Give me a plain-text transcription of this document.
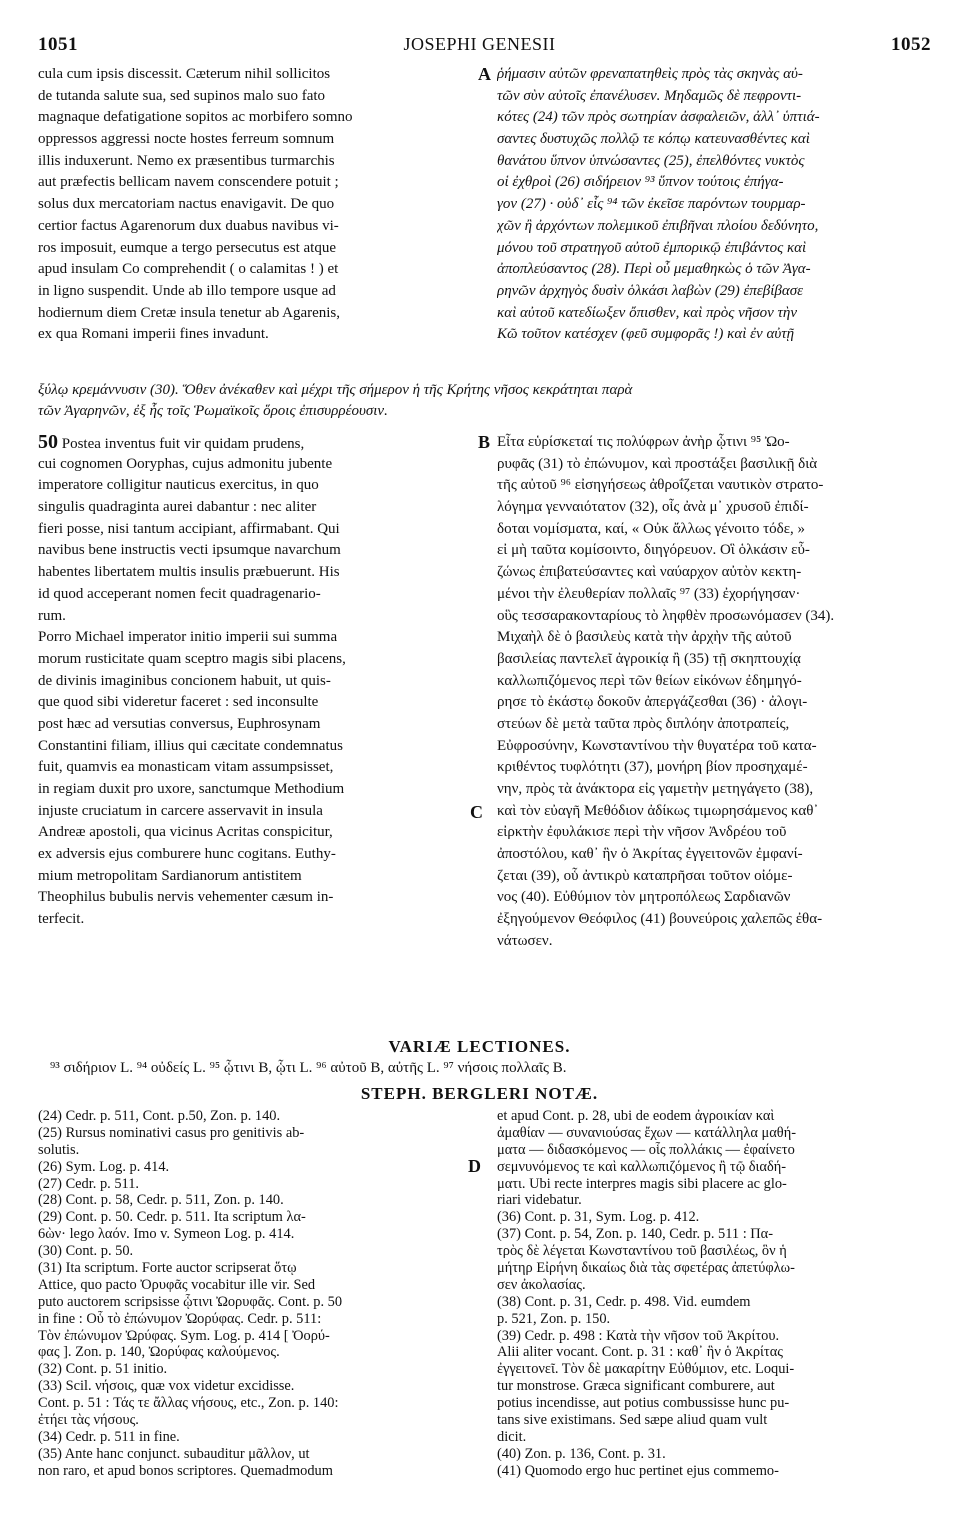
JOSEPHI GENESII
1051	1052
cula cum ipsis discessit. Cæterum nihil sollicitos
de tutanda salute sua, sed supinos malo suo fato
magnaque defatigatione sopitos ac morbifero somno
oppressos aggressi nocte hostes ferreum somnum
illis induxerunt. Nemo ex præsentibus turmarchis
aut præfectis bellicam navem conscendere potuit ;
solus dux mercatoriam nactus enavigavit. De quo
certior factus Agarenorum dux duabus navibus vi-
ros imposuit, eumque a tergo persecutus est atque
apud insulam Co comprehendit ( o calamitas ! ) et
in ligno suspendit. Unde ab illo tempore usque ad
hodiernum diem Cretæ insula tenetur ab Agarenis,
ex qua Romani imperii fines invadunt.
ῥήμασιν αὐτῶν φρεναπατηθεὶς πρὸς τὰς σκηνὰς αὐ-
τῶν σὺν αὐτοῖς ἐπανέλυσεν. Μηδαμῶς δὲ πεφροντι-
κότες (24) τῶν πρὸς σωτηρίαν ἀσφαλειῶν, ἀλλ᾽ ὑπτιά-
σαντες δυστυχῶς πολλῷ τε κόπῳ κατευνασθέντες καὶ
θανάτου ὕπνον ὑπνώσαντες (25), ἐπελθόντες νυκτὸς
οἱ ἐχθροὶ (26) σιδήρειον ⁹³ ὕπνον τούτοις ἐπήγα-
γον (27) · οὐδ᾽ εἷς ⁹⁴ τῶν ἐκεῖσε παρόντων τουρμαρ-
χῶν ἢ ἀρχόντων πολεμικοῦ ἐπιβῆναι πλοίου δεδύνητο,
μόνου τοῦ στρατηγοῦ αὐτοῦ ἐμπορικῷ ἐπιβάντος καὶ
ἀποπλεύσαντος (28). Περὶ οὗ μεμαθηκὼς ὁ τῶν Ἀγα-
ρηνῶν ἀρχηγὸς δυσὶν ὁλκάσι λαβὼν (29) ἐπεβίβασε
καὶ αὐτοῦ κατεδίωξεν ὄπισθεν, καὶ πρὸς νῆσον τὴν
Κῶ τοῦτον κατέσχεν (φεῦ συμφορᾶς !) καὶ ἐν αὐτῇ
A
ξύλῳ κρεμάννυσιν (30). Ὅθεν ἀνέκαθεν καὶ μέχρι τῆς σήμερον ἡ τῆς Κρήτης νῆσος κεκράτηται παρὰ
τῶν Ἀγαρηνῶν, ἐξ ἧς τοῖς Ῥωμαϊκοῖς ὅροις ἐπισυρρέουσιν.
50 Postea inventus fuit vir quidam prudens,
cui cognomen Ooryphas, cujus admonitu jubente
imperatore colligitur nauticus exercitus, in quo
singulis quadraginta aurei dabantur : nec aliter
fieri posse, nisi tantum accipiant, affirmabant. Qui
navibus bene instructis vecti ipsumque navarchum
habentes libertatem multis insulis præbuerunt. His
id quod acceperant nomen fecit quadragenario-
rum.
Porro Michael imperator initio imperii sui summa
morum rusticitate quam sceptro magis sibi placens,
de divinis imaginibus concionem habuit, ut quis-
que quod sibi videretur faceret : sed inconsulte
post hæc ad versutias conversus, Euphrosynam
Constantini filiam, illius qui cæcitate condemnatus
fuit, quamvis ea monasticam vitam assumpsisset,
in regiam duxit pro uxore, sanctumque Methodium
injuste cruciatum in carcere asservavit in insula
Andreæ apostoli, qua vicinus Acritas conspicitur,
ex adversis ejus comburere hunc cogitans. Euthy-
mium metropolitam Sardianorum antistitem
Theophilus bubulis nervis vehementer cæsum in-
terfecit.
B Εἶτα εὑρίσκεταί τις πολύφρων ἀνὴρ ᾧτινι ⁹⁵ Ὠο-
ρυφᾶς (31) τὸ ἐπώνυμον, καὶ προστάξει βασιλικῇ διὰ
τῆς αὐτοῦ ⁹⁶ εἰσηγήσεως ἀθροΐζεται ναυτικὸν στρατο-
λόγημα γενναιότατον (32), οἷς ἀνὰ μ᾽ χρυσοῦ ἐπιδί-
δοται νομίσματα, καί, « Οὐκ ἄλλως γένοιτο τόδε, »
εἰ μὴ ταῦτα κομίσοιντο, διηγόρευον. Οἳ ὁλκάσιν εὖ-
ζώνως ἐπιβατεύσαντες καὶ ναύαρχον αὐτὸν κεκτη-
μένοι τὴν ἐλευθερίαν πολλαῖς ⁹⁷ (33) ἐχορήγησαν·
οὓς τεσσαρακονταρίους τὸ ληφθὲν προσωνόμασεν (34).
Μιχαὴλ δὲ ὁ βασιλεὺς κατὰ τὴν ἀρχὴν τῆς αὐτοῦ
βασιλείας παντελεῖ ἀγροικίᾳ ἢ (35) τῇ σκηπτουχίᾳ
καλλωπιζόμενος περὶ τῶν θείων εἰκόνων ἐδημηγό-
ρησε τὸ ἑκάστῳ δοκοῦν ἀπεργάζεσθαι (36) · ἀλογι-
στεύων δὲ μετὰ ταῦτα πρὸς διπλόην ἀποτραπείς,
Εὐφροσύνην, Κωνσταντίνου τὴν θυγατέρα τοῦ κατα-
κριθέντος τυφλότητι (37), μονήρη βίον προσηχαμέ-
νην, πρὸς τὰ ἀνάκτορα εἰς γαμετὴν μετηγάγετο (38),
καὶ τὸν εὐαγῆ Μεθόδιον ἀδίκως τιμωρησάμενος καθ᾽
εἰρκτὴν ἐφυλάκισε περὶ τὴν νῆσον Ἀνδρέου τοῦ
ἀποστόλου, καθ᾽ ἣν ὁ Ἀκρίτας ἐγγειτονῶν ἐμφανί-
ζεται (39), οὗ ἀντικρὺ καταπρῆσαι τοῦτον οἰόμε-
νος (40). Εὐθύμιον τὸν μητροπόλεως Σαρδιανῶν
ἐξηγούμενον Θεόφιλος (41) βουνεύροις χαλεπῶς ἐθα-
νάτωσεν.
C
VARIÆ LECTIONES.
⁹³ σιδήριον L. ⁹⁴ οὐδείς L. ⁹⁵ ᾧτινι B, ᾧτι L. ⁹⁶ αὐτοῦ B, αὐτῆς L. ⁹⁷ νήσοις πολλαῖς B.
STEPH. BERGLERI NOTÆ.
(24) Cedr. p. 511, Cont. p.50, Zon. p. 140.
(25) Rursus nominativi casus pro genitivis ab-
solutis.
(26) Sym. Log. p. 414.
(27) Cedr. p. 511.
(28) Cont. p. 58, Cedr. p. 511, Zon. p. 140.
(29) Cont. p. 50. Cedr. p. 511. Ita scriptum λα-
6ὼν· lego λαόν. Imo v. Symeon Log. p. 414.
(30) Cont. p. 50.
(31) Ita scriptum. Forte auctor scripserat ὅτῳ
Attice, quo pacto Ὀρυφᾶς vocabitur ille vir. Sed
puto auctorem scripsisse ᾧτινι Ὠορυφᾶς. Cont. p. 50
in fine : Οὗ τὸ ἐπώνυμον Ὠορύφας. Cedr. p. 511:
Τὸν ἐπώνυμον Ὠρύφας. Sym. Log. p. 414 [ Ὀορύ-
φας ]. Zon. p. 140, Ὠορύφας καλούμενος.
(32) Cont. p. 51 initio.
(33) Scil. νήσοις, quæ vox videtur excidisse.
Cont. p. 51 : Τάς τε ἄλλας νήσους, etc., Zon. p. 140:
ἐτήει τὰς νήσους.
(34) Cedr. p. 511 in fine.
(35) Ante hanc conjunct. subauditur μᾶλλον, ut
non raro, et apud bonos scriptores. Quemadmodum
et apud Cont. p. 28, ubi de eodem ἀγροικίαν καὶ
ἀμαθίαν — συνανιούσας ἔχων — κατάλληλα μαθή-
ματα — διδασκόμενος — οἷς πολλάκις — ἐφαίνετο
σεμνυνόμενος τε καὶ καλλωπιζόμενος ἢ τῷ διαδή-
ματι. Ubi recte interpres magis sibi placere ac glo-
riari videbatur.
(36) Cont. p. 31, Sym. Log. p. 412.
(37) Cont. p. 54, Zon. p. 140, Cedr. p. 511 : Πα-
τρὸς δὲ λέγεται Κωνσταντίνου τοῦ βασιλέως, ὃν ἡ
μήτηρ Εἰρήνη δικαίως διὰ τὰς σφετέρας ἀπετύφλω-
σεν ἀκολασίας.
(38) Cont. p. 31, Cedr. p. 498. Vid. eumdem
p. 521, Zon. p. 150.
(39) Cedr. p. 498 : Κατὰ τὴν νῆσον τοῦ Ἀκρίτου.
Alii aliter vocant. Cont. p. 31 : καθ᾽ ἣν ὁ Ἀκρίτας
ἐγγειτονεῖ. Τὸν δὲ μακαρίτην Εὐθύμιον, etc. Loqui-
tur monstrose. Græca significant comburere, aut
potius incendisse, aut potius combussisse hunc pu-
tans sive existimans. Sed sæpe aliud quam vult
dicit.
(40) Zon. p. 136, Cont. p. 31.
(41) Quomodo ergo huc pertinet ejus commemo-
D
